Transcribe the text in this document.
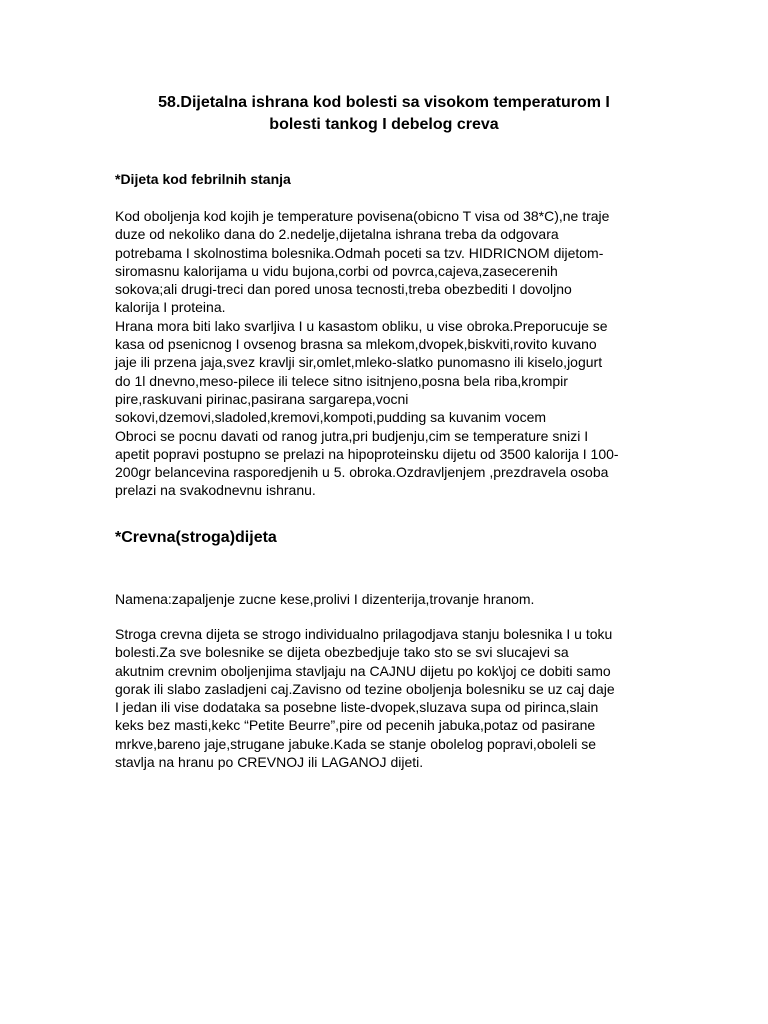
58.Dijetalna ishrana kod bolesti sa visokom temperaturom I
bolesti tankog I debelog creva

*Dijeta kod febrilnih stanja

Kod oboljenja kod kojih je temperature povisena(obicno T visa od 38*C),ne traje
duze od nekoliko dana do 2.nedelje,dijetalna ishrana treba da odgovara
potrebama I skolnostima bolesnika.Odmah poceti sa tzv. HIDRICNOM dijetom-
siromasnu kalorijama u vidu bujona,corbi od povrca,cajeva,zasecerenih
sokova;ali drugi-treci dan pored unosa tecnosti,treba obezbediti I dovoljno
kalorija I proteina.
Hrana mora biti lako svarljiva I u kasastom obliku, u vise obroka.Preporucuje se
kasa od psenicnog I ovsenog brasna sa mlekom,dvopek,biskviti,rovito kuvano
jaje ili przena jaja,svez kravlji sir,omlet,mleko-slatko punomasno ili kiselo,jogurt
do 1l dnevno,meso-pilece ili telece sitno isitnjeno,posna bela riba,krompir
pire,raskuvani pirinac,pasirana sargarepa,vocni
sokovi,dzemovi,sladoled,kremovi,kompoti,pudding sa kuvanim vocem
Obroci se pocnu davati od ranog jutra,pri budjenju,cim se temperature snizi I
apetit popravi postupno se prelazi na hipoproteinsku dijetu od 3500 kalorija I 100-
200gr belancevina rasporedjenih u 5. obroka.Ozdravljenjem ,prezdravela osoba
prelazi na svakodnevnu ishranu.

*Crevna(stroga)dijeta

Namena:zapaljenje zucne kese,prolivi I dizenterija,trovanje hranom.
Stroga crevna dijeta se strogo individualno prilagodjava stanju bolesnika I u toku
bolesti.Za sve bolesnike se dijeta obezbedjuje tako sto se svi slucajevi sa
akutnim crevnim oboljenjima stavljaju na CAJNU dijetu po kok\joj ce dobiti samo
gorak ili slabo zasladjeni caj.Zavisno od tezine oboljenja bolesniku se uz caj daje
I jedan ili vise dodataka sa posebne liste-dvopek,sluzava supa od pirinca,slain
keks bez masti,kekc “Petite Beurre”,pire od pecenih jabuka,potaz od pasirane
mrkve,bareno jaje,strugane jabuke.Kada se stanje obolelog popravi,oboleli se
stavlja na hranu po CREVNOJ ili LAGANOJ dijeti.
